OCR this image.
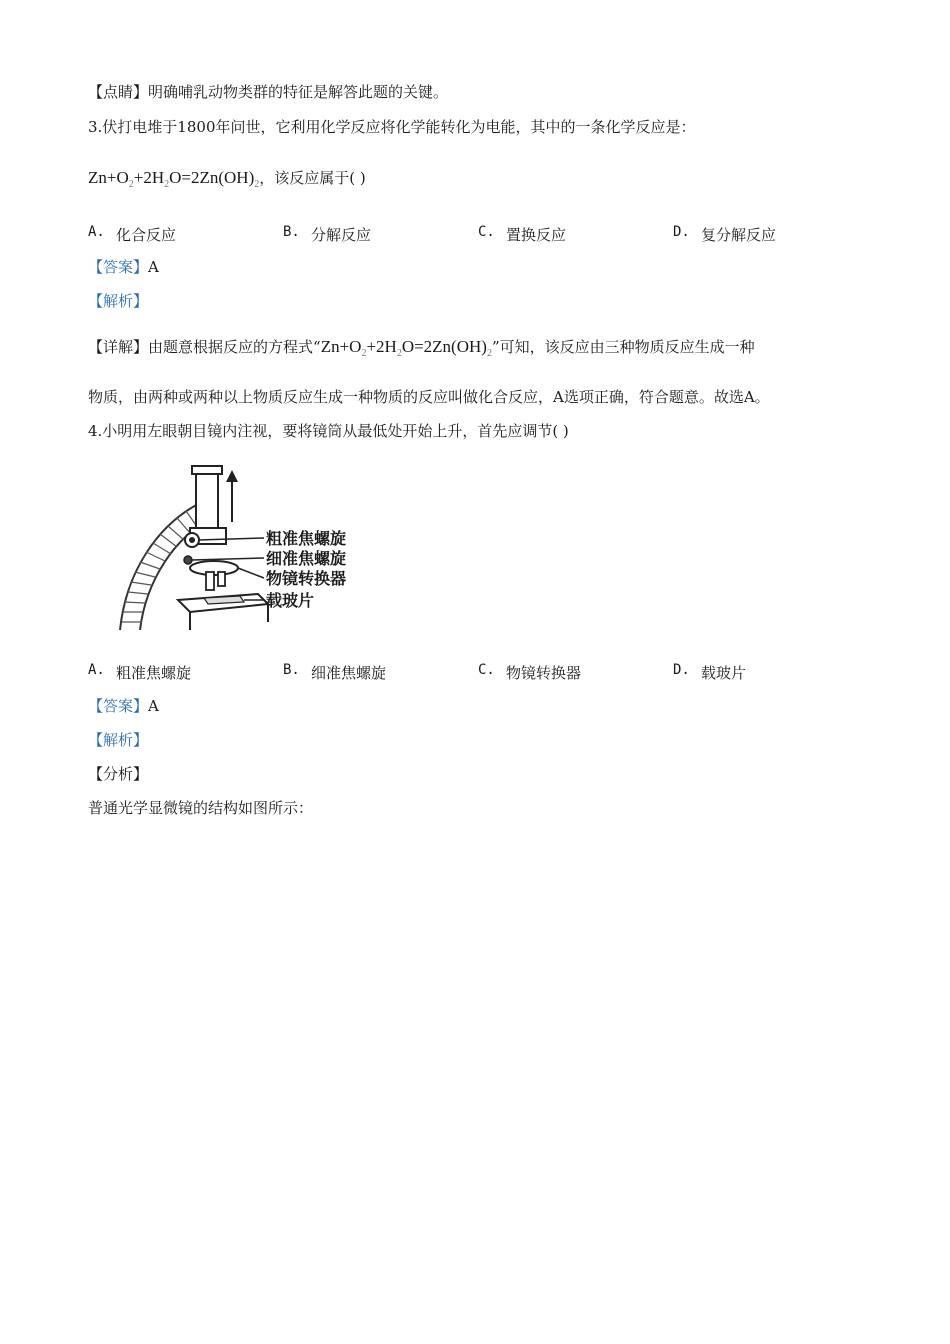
【点睛】明确哺乳动物类群的特征是解答此题的关键。
3.伏打电堆于1800年问世，它利用化学反应将化学能转化为电能，其中的一条化学反应是：
$Zn+O_2+2H_2O=2Zn(OH)_2$，该反应属于( )
A. 化合反应	B. 分解反应	C. 置换反应	D. 复分解反应
【答案】A
【解析】
【详解】由题意根据反应的方程式“$Zn+O_2+2H_2O=2Zn(OH)_2$”可知，该反应由三种物质反应生成一种
物质，由两种或两种以上物质反应生成一种物质的反应叫做化合反应，A选项正确，符合题意。故选A。
4.小明用左眼朝目镜内注视，要将镜筒从最低处开始上升，首先应调节( )
粗准焦螺旋
细准焦螺旋
物镜转换器
载玻片
A. 粗准焦螺旋	B. 细准焦螺旋	C. 物镜转换器	D. 载玻片
【答案】A
【解析】
【分析】
普通光学显微镜的结构如图所示：
